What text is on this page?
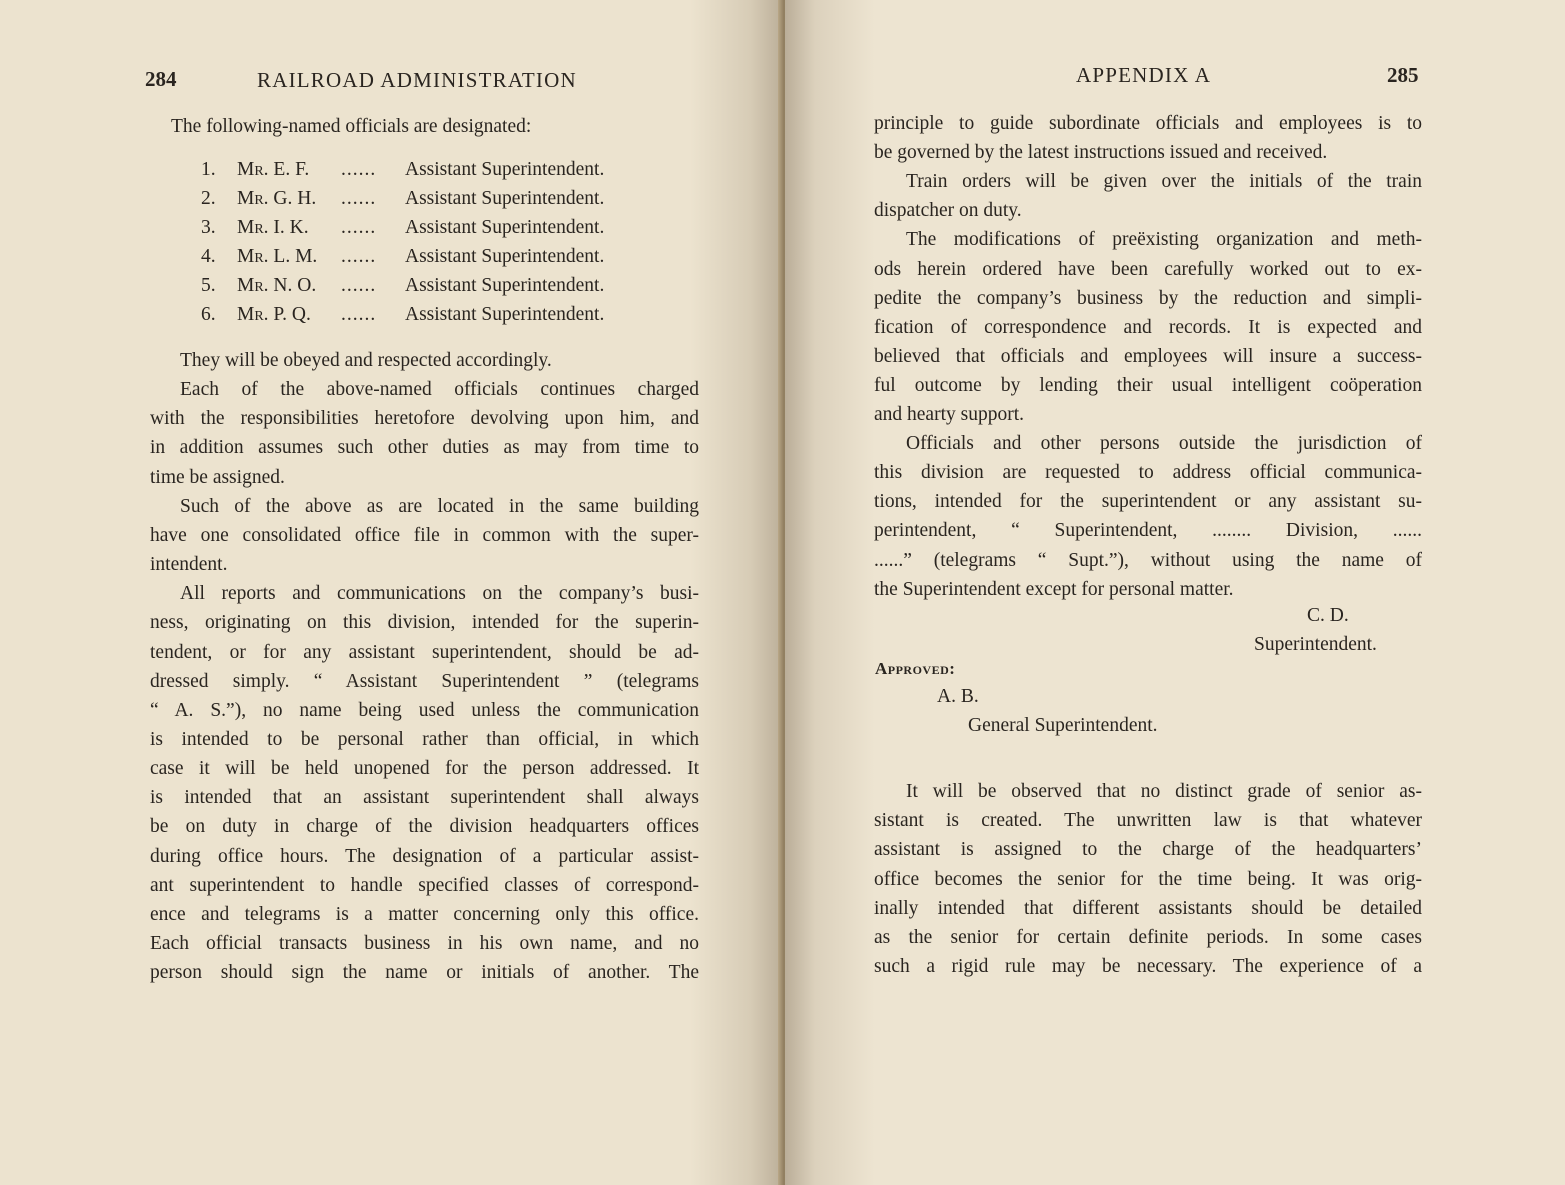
284	RAILROAD ADMINISTRATION
The following-named officials are designated:
1. Mr. E. F. ...... Assistant Superintendent.
2. Mr. G. H. ...... Assistant Superintendent.
3. Mr. I. K. ...... Assistant Superintendent.
4. Mr. L. M. ...... Assistant Superintendent.
5. Mr. N. O. ...... Assistant Superintendent.
6. Mr. P. Q. ...... Assistant Superintendent.
They will be obeyed and respected accordingly.
Each of the above-named officials continues charged
with the responsibilities heretofore devolving upon him, and
in addition assumes such other duties as may from time to
time be assigned.
Such of the above as are located in the same building
have one consolidated office file in common with the super-
intendent.
All reports and communications on the company’s busi-
ness, originating on this division, intended for the superin-
tendent, or for any assistant superintendent, should be ad-
dressed simply. “ Assistant Superintendent ” (telegrams
“ A. S.”), no name being used unless the communication
is intended to be personal rather than official, in which
case it will be held unopened for the person addressed. It
is intended that an assistant superintendent shall always
be on duty in charge of the division headquarters offices
during office hours. The designation of a particular assist-
ant superintendent to handle specified classes of correspond-
ence and telegrams is a matter concerning only this office.
Each official transacts business in his own name, and no
person should sign the name or initials of another. The
APPENDIX A	285
principle to guide subordinate officials and employees is to
be governed by the latest instructions issued and received.
Train orders will be given over the initials of the train
dispatcher on duty.
The modifications of preëxisting organization and meth-
ods herein ordered have been carefully worked out to ex-
pedite the company’s business by the reduction and simpli-
fication of correspondence and records. It is expected and
believed that officials and employees will insure a success-
ful outcome by lending their usual intelligent coöperation
and hearty support.
Officials and other persons outside the jurisdiction of
this division are requested to address official communica-
tions, intended for the superintendent or any assistant su-
perintendent, “ Superintendent, ........ Division, ......
......” (telegrams “ Supt.”), without using the name of
the Superintendent except for personal matter.
C. D.
Superintendent.
Approved:
A. B.
General Superintendent.
It will be observed that no distinct grade of senior as-
sistant is created. The unwritten law is that whatever
assistant is assigned to the charge of the headquarters’
office becomes the senior for the time being. It was orig-
inally intended that different assistants should be detailed
as the senior for certain definite periods. In some cases
such a rigid rule may be necessary. The experience of a
